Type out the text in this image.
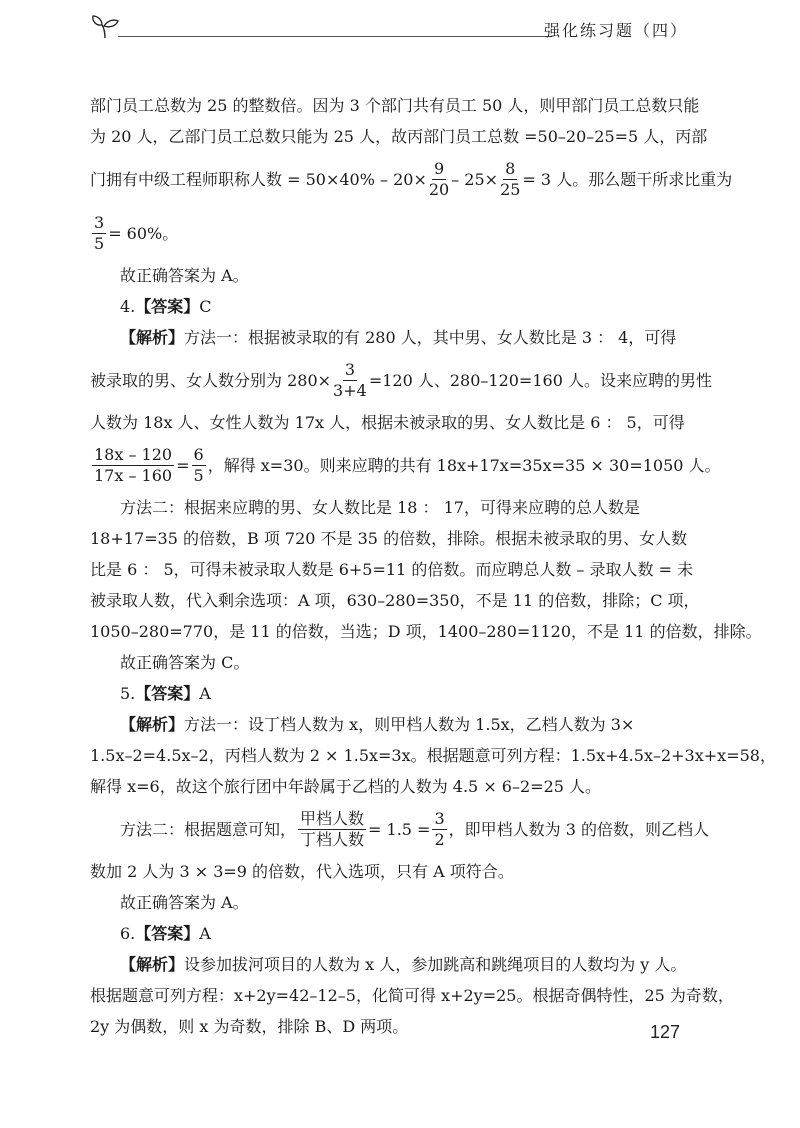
强化练习题（四）
部门员工总数为 25 的整数倍。因为 3 个部门共有员工 50 人，则甲部门员工总数只能
为 20 人，乙部门员工总数只能为 25 人，故丙部门员工总数 =50–20–25=5 人，丙部
门拥有中级工程师职称人数 = $50\times 40\% - 20\times \frac{9}{20} - 25\times \frac{8}{25} = 3$ 人。那么题干所求比重为
$\frac{3}{5} = 60\%$。
故正确答案为 A。
4.【答案】C
【解析】方法一：根据被录取的有 280 人，其中男、女人数比是 3 ： 4，可得
被录取的男、女人数分别为 $280\times \frac{3}{3+4} =120$ 人、280–120=160 人。设来应聘的男性
人数为 18x 人、女性人数为 17x 人，根据未被录取的男、女人数比是 6 ： 5，可得
$\frac{18x - 120}{17x - 160} = \frac{6}{5}$ ，解得 x=30。则来应聘的共有 18x+17x=35x=35 × 30=1050 人。
方法二：根据来应聘的男、女人数比是 18 ： 17，可得来应聘的总人数是
18+17=35 的倍数，B 项 720 不是 35 的倍数，排除。根据未被录取的男、女人数
比是 6 ： 5，可得未被录取人数是 6+5=11 的倍数。而应聘总人数 – 录取人数 = 未
被录取人数，代入剩余选项：A 项，630–280=350，不是 11 的倍数，排除；C 项，
1050–280=770，是 11 的倍数，当选；D 项，1400–280=1120，不是 11 的倍数，排除。
故正确答案为 C。
5.【答案】A
【解析】方法一：设丁档人数为 x，则甲档人数为 1.5x，乙档人数为 3×
1.5x–2=4.5x–2，丙档人数为 2 × 1.5x=3x。根据题意可列方程：1.5x+4.5x–2+3x+x=58，
解得 x=6，故这个旅行团中年龄属于乙档的人数为 4.5 × 6–2=25 人。
方法二：根据题意可知， $\frac{\text{甲档人数}}{\text{丁档人数}} = 1.5 = \frac{3}{2}$ ，即甲档人数为 3 的倍数，则乙档人
数加 2 人为 3 × 3=9 的倍数，代入选项，只有 A 项符合。
故正确答案为 A。
6.【答案】A
【解析】设参加拔河项目的人数为 x 人，参加跳高和跳绳项目的人数均为 y 人。
根据题意可列方程：x+2y=42–12–5，化简可得 x+2y=25。根据奇偶特性，25 为奇数，
2y 为偶数，则 x 为奇数，排除 B、D 两项。	127
